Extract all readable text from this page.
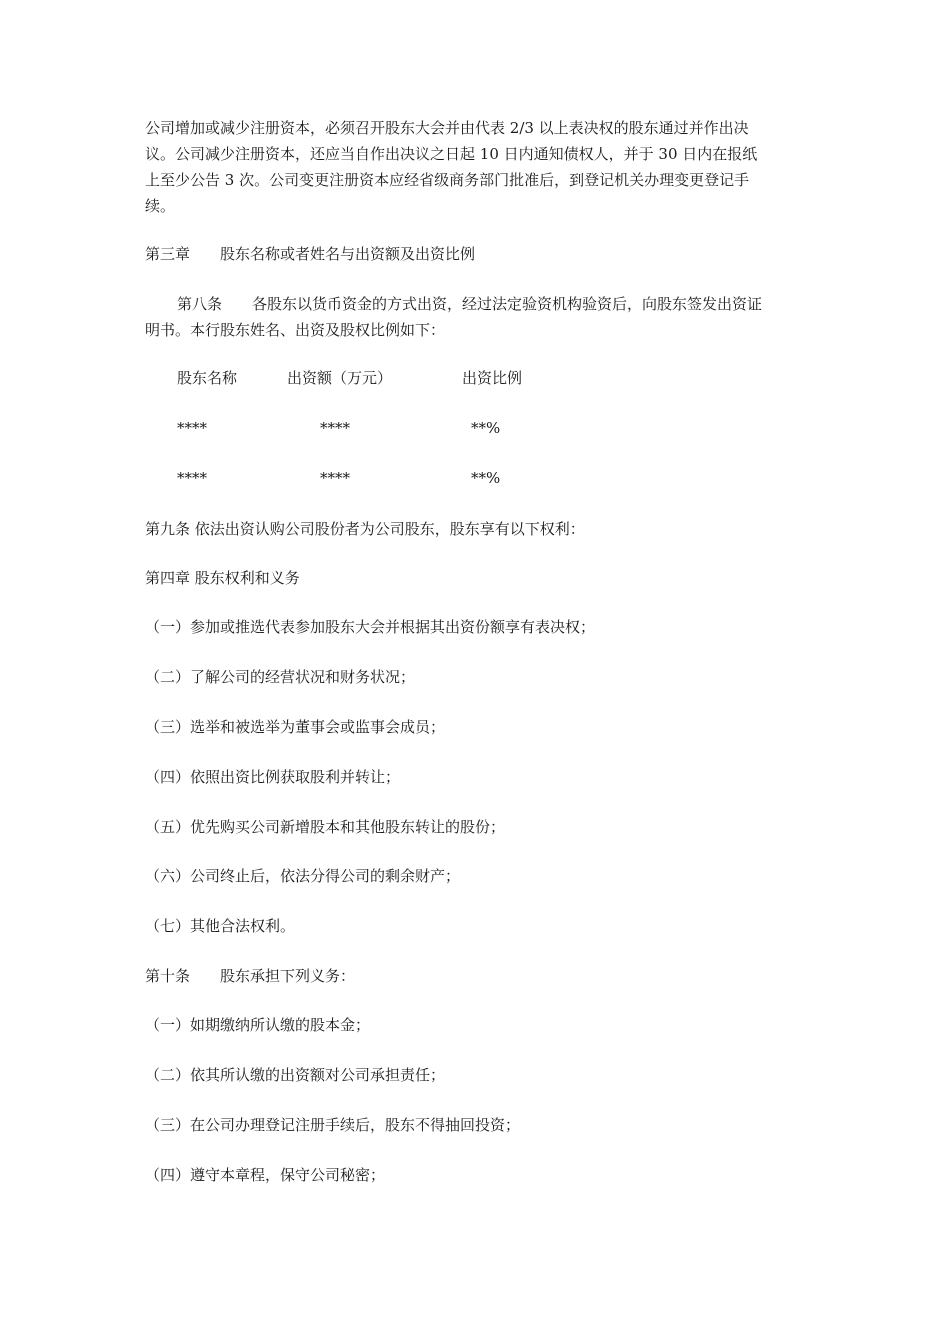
公司增加或减少注册资本，必须召开股东大会并由代表 2/3 以上表决权的股东通过并作出决
议。公司减少注册资本，还应当自作出决议之日起 10 日内通知债权人，并于 30 日内在报纸
上至少公告 3 次。公司变更注册资本应经省级商务部门批准后，到登记机关办理变更登记手
续。
第三章 股东名称或者姓名与出资额及出资比例
第八条 各股东以货币资金的方式出资，经过法定验资机构验资后，向股东签发出资证
明书。本行股东姓名、出资及股权比例如下：
股东名称	出资额（万元）	出资比例
****	****	**%
****	****	**%
第九条 依法出资认购公司股份者为公司股东，股东享有以下权利：
第四章 股东权利和义务
（一）参加或推选代表参加股东大会并根据其出资份额享有表决权；
（二）了解公司的经营状况和财务状况；
（三）选举和被选举为董事会或监事会成员；
（四）依照出资比例获取股利并转让；
（五）优先购买公司新增股本和其他股东转让的股份；
（六）公司终止后，依法分得公司的剩余财产；
（七）其他合法权利。
第十条 股东承担下列义务：
（一）如期缴纳所认缴的股本金；
（二）依其所认缴的出资额对公司承担责任；
（三）在公司办理登记注册手续后，股东不得抽回投资；
（四）遵守本章程，保守公司秘密；
